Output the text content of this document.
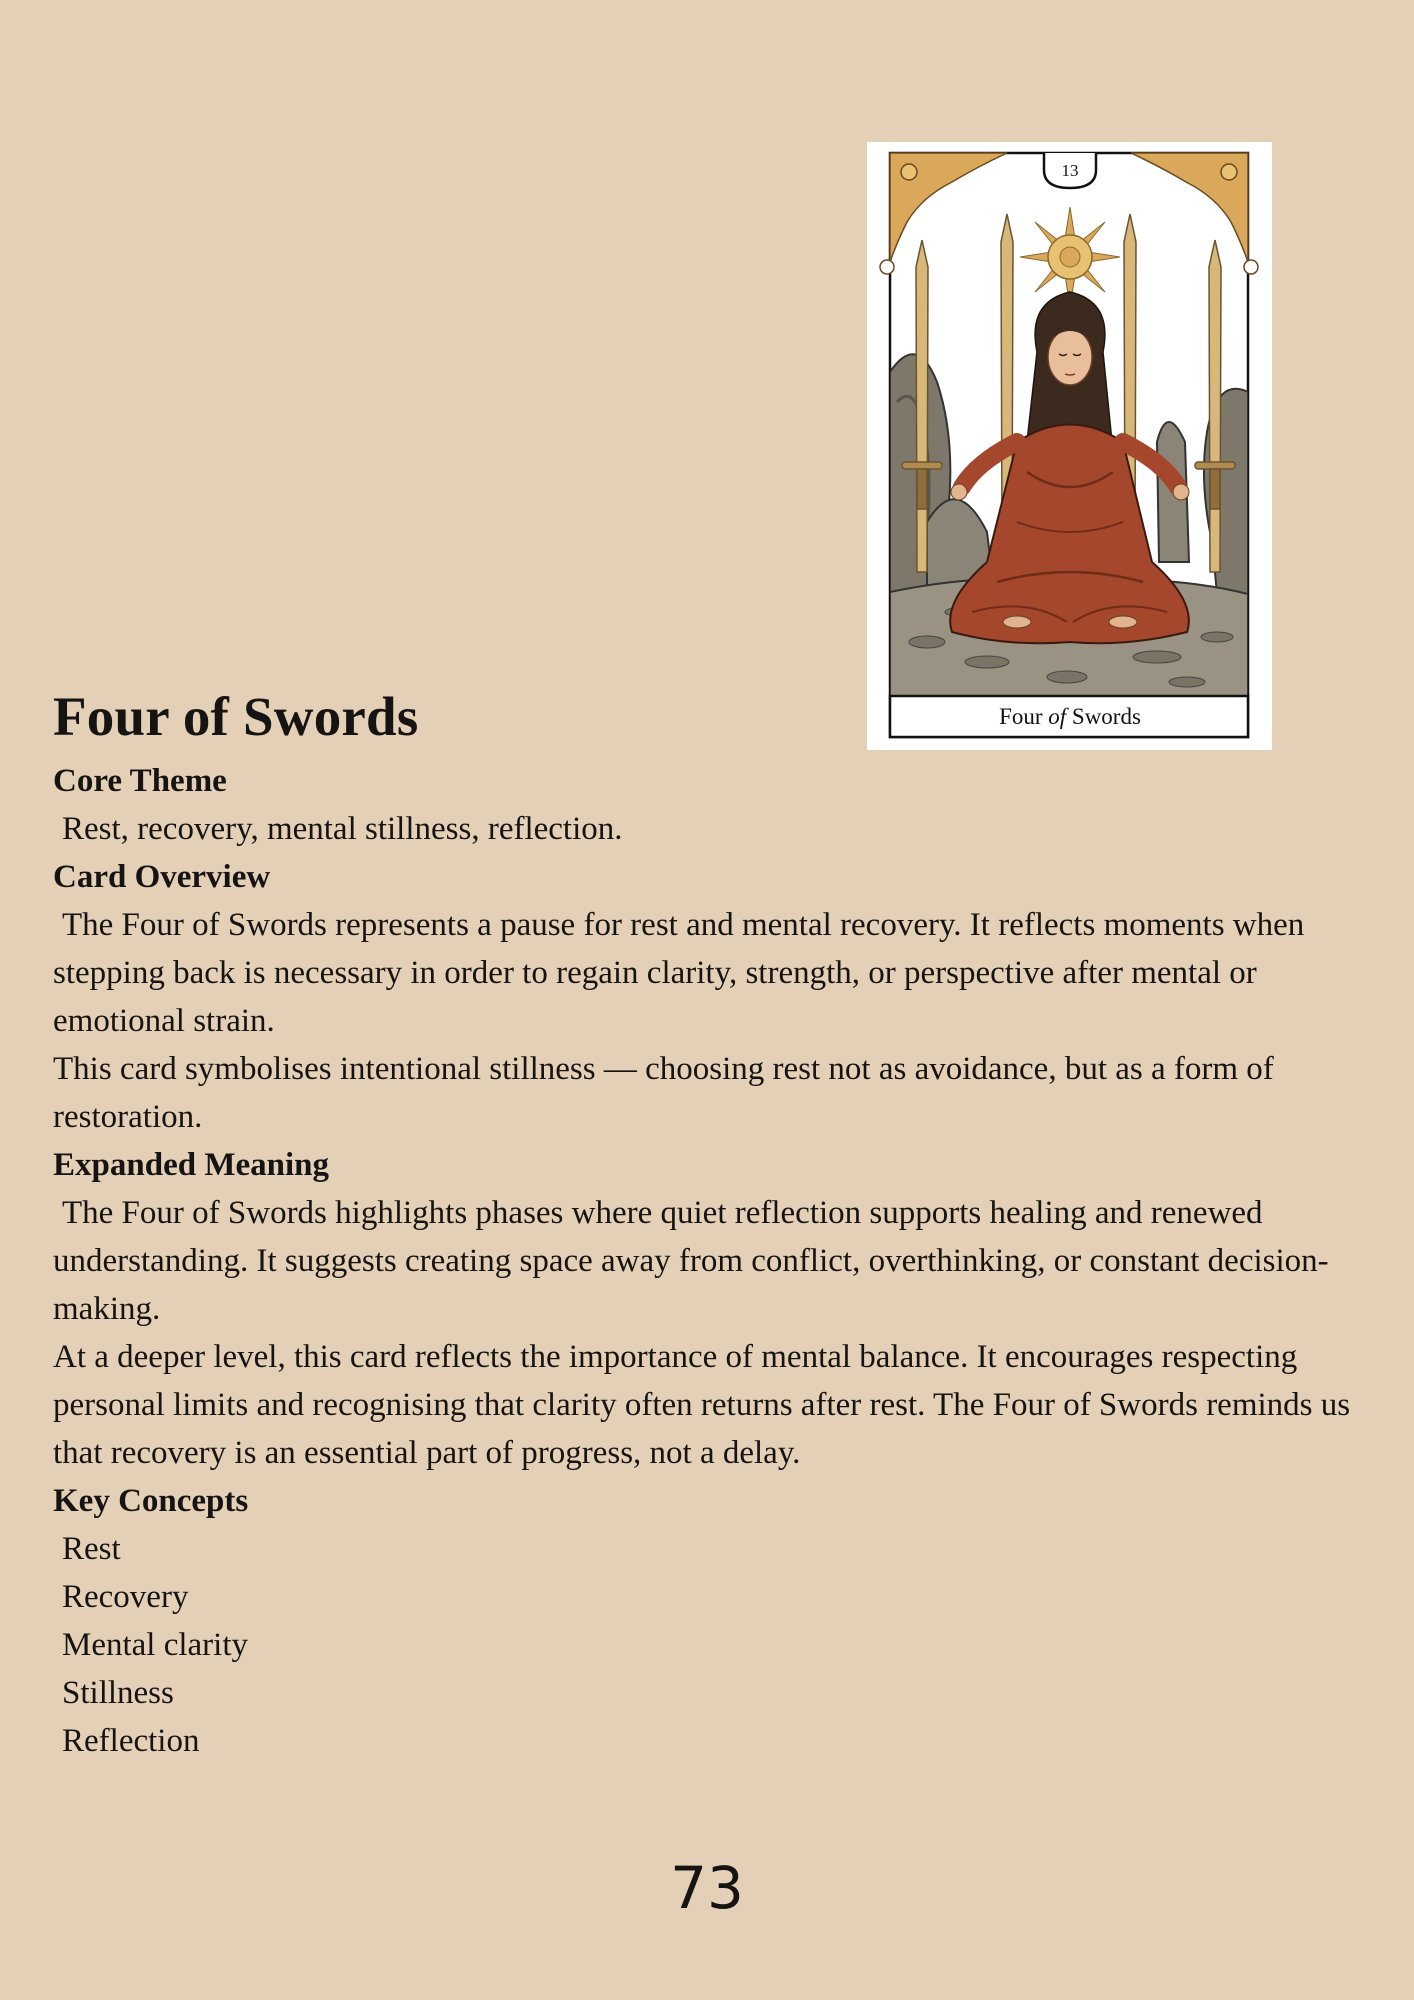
13
Four of Swords
Four of Swords
Core Theme

Rest, recovery, mental stillness, reflection.

Card Overview

The Four of Swords represents a pause for rest and mental recovery. It reflects moments when stepping back is necessary in order to regain clarity, strength, or perspective after mental or emotional strain.

This card symbolises intentional stillness — choosing rest not as avoidance, but as a form of restoration.

Expanded Meaning

The Four of Swords highlights phases where quiet reflection supports healing and renewed understanding. It suggests creating space away from conflict, overthinking, or constant decision-making.

At a deeper level, this card reflects the importance of mental balance. It encourages respecting personal limits and recognising that clarity often returns after rest. The Four of Swords reminds us that recovery is an essential part of progress, not a delay.

Key Concepts
Rest
Recovery
Mental clarity
Stillness
Reflection
73
